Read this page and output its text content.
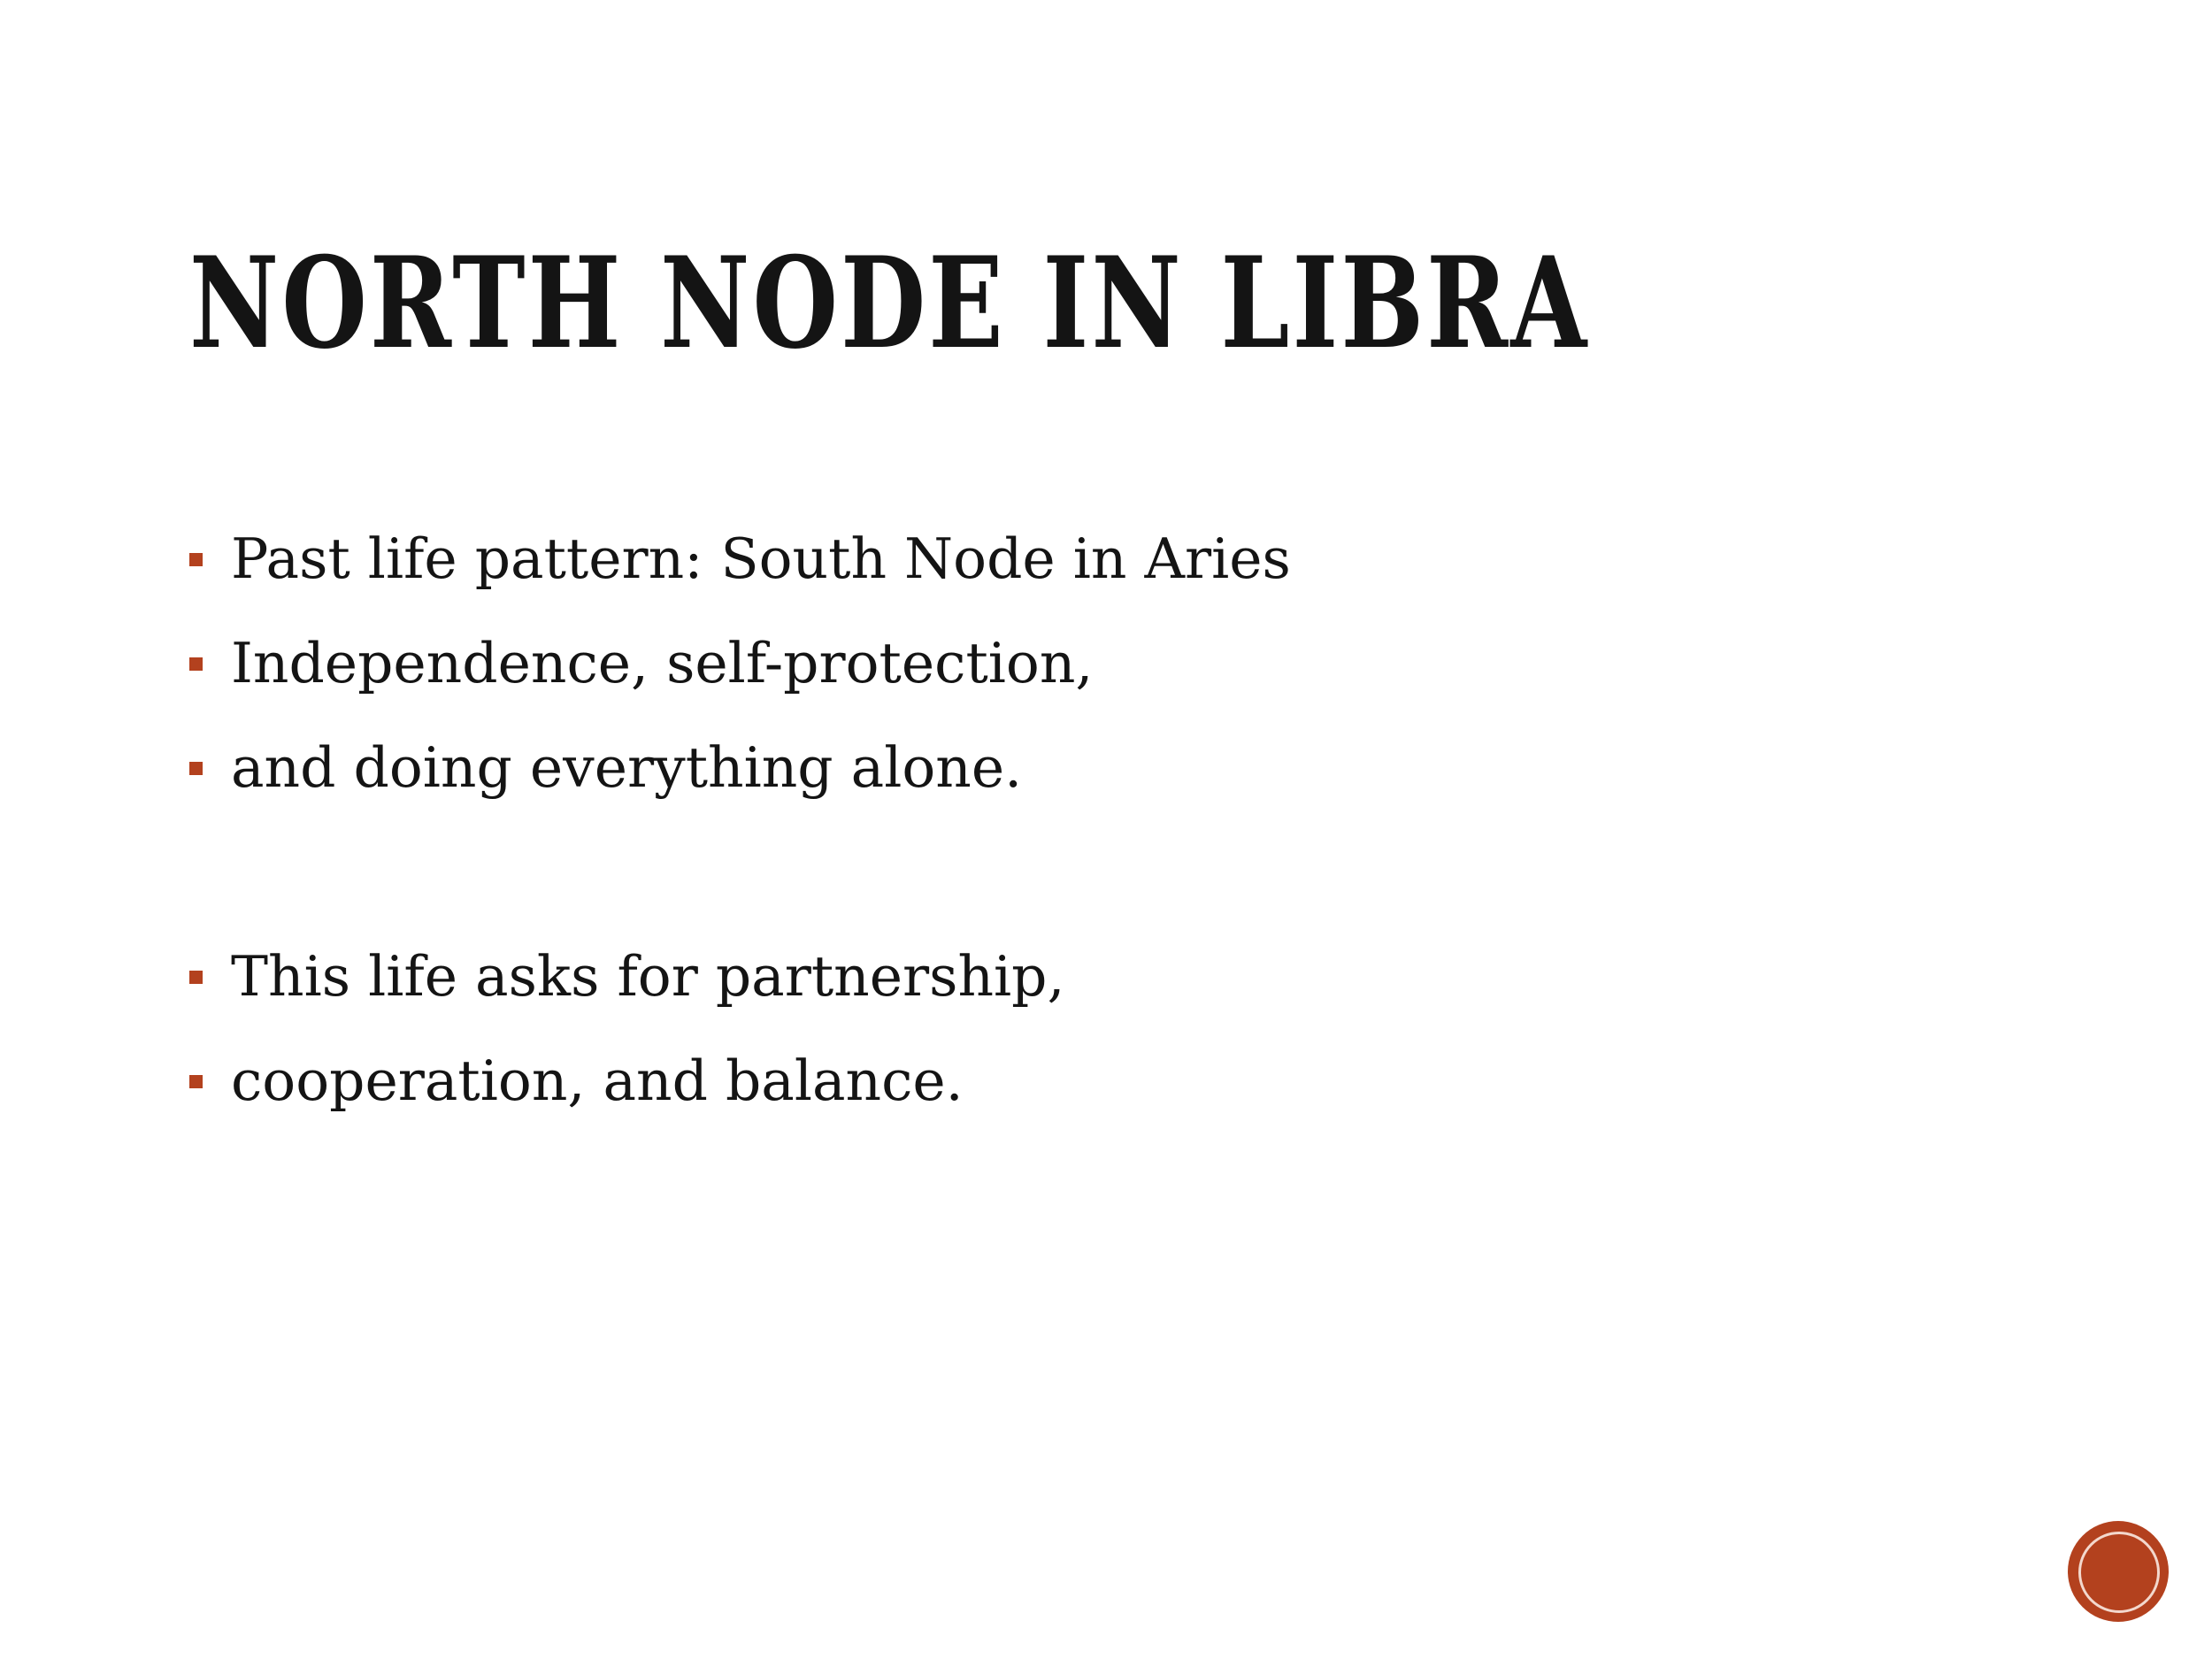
NORTH NODE IN LIBRA
Past life pattern: South Node in Aries
Independence, self-protection,
and doing everything alone.
This life asks for partnership,
cooperation, and balance.
